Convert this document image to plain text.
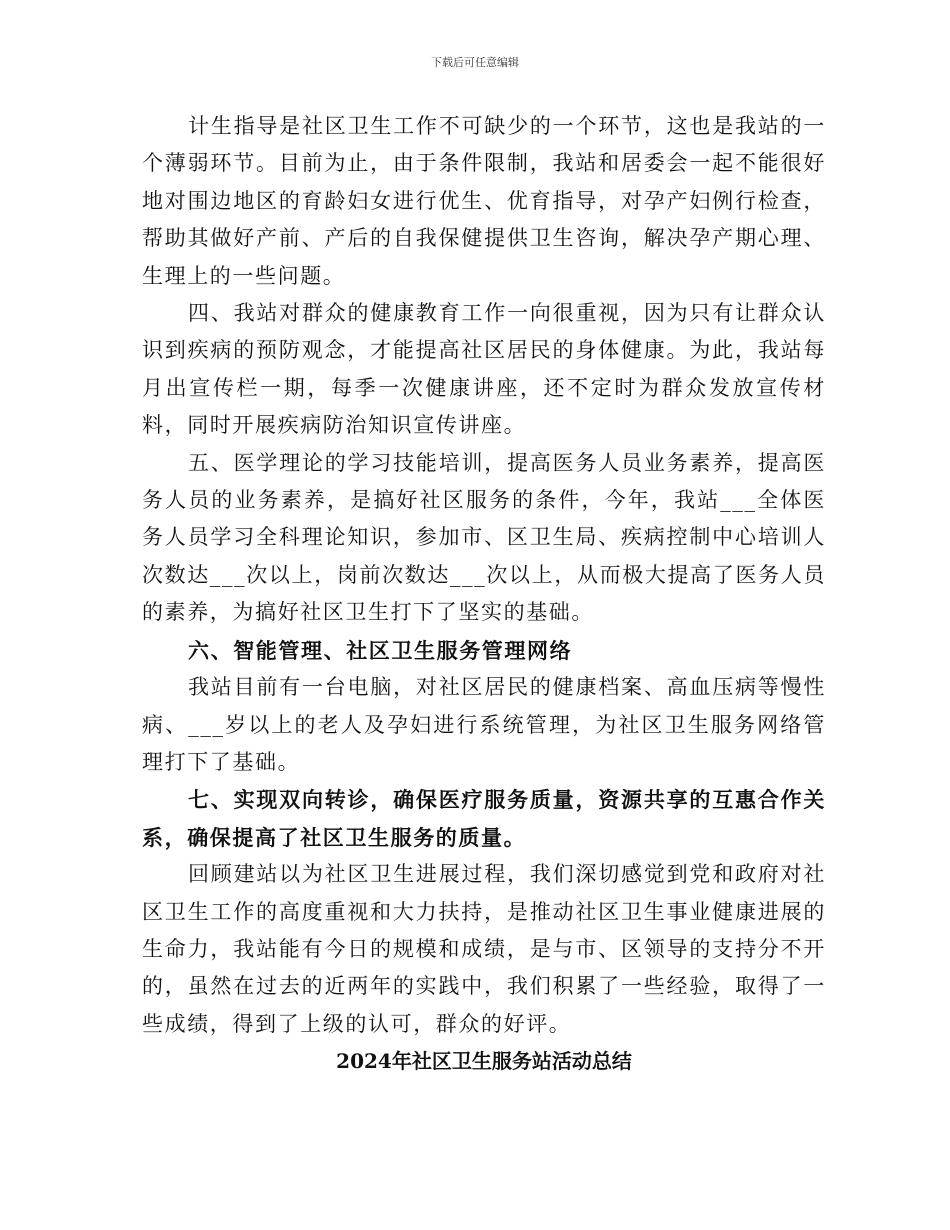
下载后可任意编辑

计生指导是社区卫生工作不可缺少的一个环节，这也是我站的一个薄弱环节。目前为止，由于条件限制，我站和居委会一起不能很好地对围边地区的育龄妇女进行优生、优育指导，对孕产妇例行检查，帮助其做好产前、产后的自我保健提供卫生咨询，解决孕产期心理、生理上的一些问题。

四、我站对群众的健康教育工作一向很重视，因为只有让群众认识到疾病的预防观念，才能提高社区居民的身体健康。为此，我站每月出宣传栏一期，每季一次健康讲座，还不定时为群众发放宣传材料，同时开展疾病防治知识宣传讲座。

五、医学理论的学习技能培训，提高医务人员业务素养，提高医务人员的业务素养，是搞好社区服务的条件，今年，我站___全体医务人员学习全科理论知识，参加市、区卫生局、疾病控制中心培训人次数达___次以上，岗前次数达___次以上，从而极大提高了医务人员的素养，为搞好社区卫生打下了坚实的基础。

六、智能管理、社区卫生服务管理网络

我站目前有一台电脑，对社区居民的健康档案、高血压病等慢性病、___岁以上的老人及孕妇进行系统管理，为社区卫生服务网络管理打下了基础。

七、实现双向转诊，确保医疗服务质量，资源共享的互惠合作关系，确保提高了社区卫生服务的质量。

回顾建站以为社区卫生进展过程，我们深切感觉到党和政府对社区卫生工作的高度重视和大力扶持，是推动社区卫生事业健康进展的生命力，我站能有今日的规模和成绩，是与市、区领导的支持分不开的，虽然在过去的近两年的实践中，我们积累了一些经验，取得了一些成绩，得到了上级的认可，群众的好评。

2024年社区卫生服务站活动总结
